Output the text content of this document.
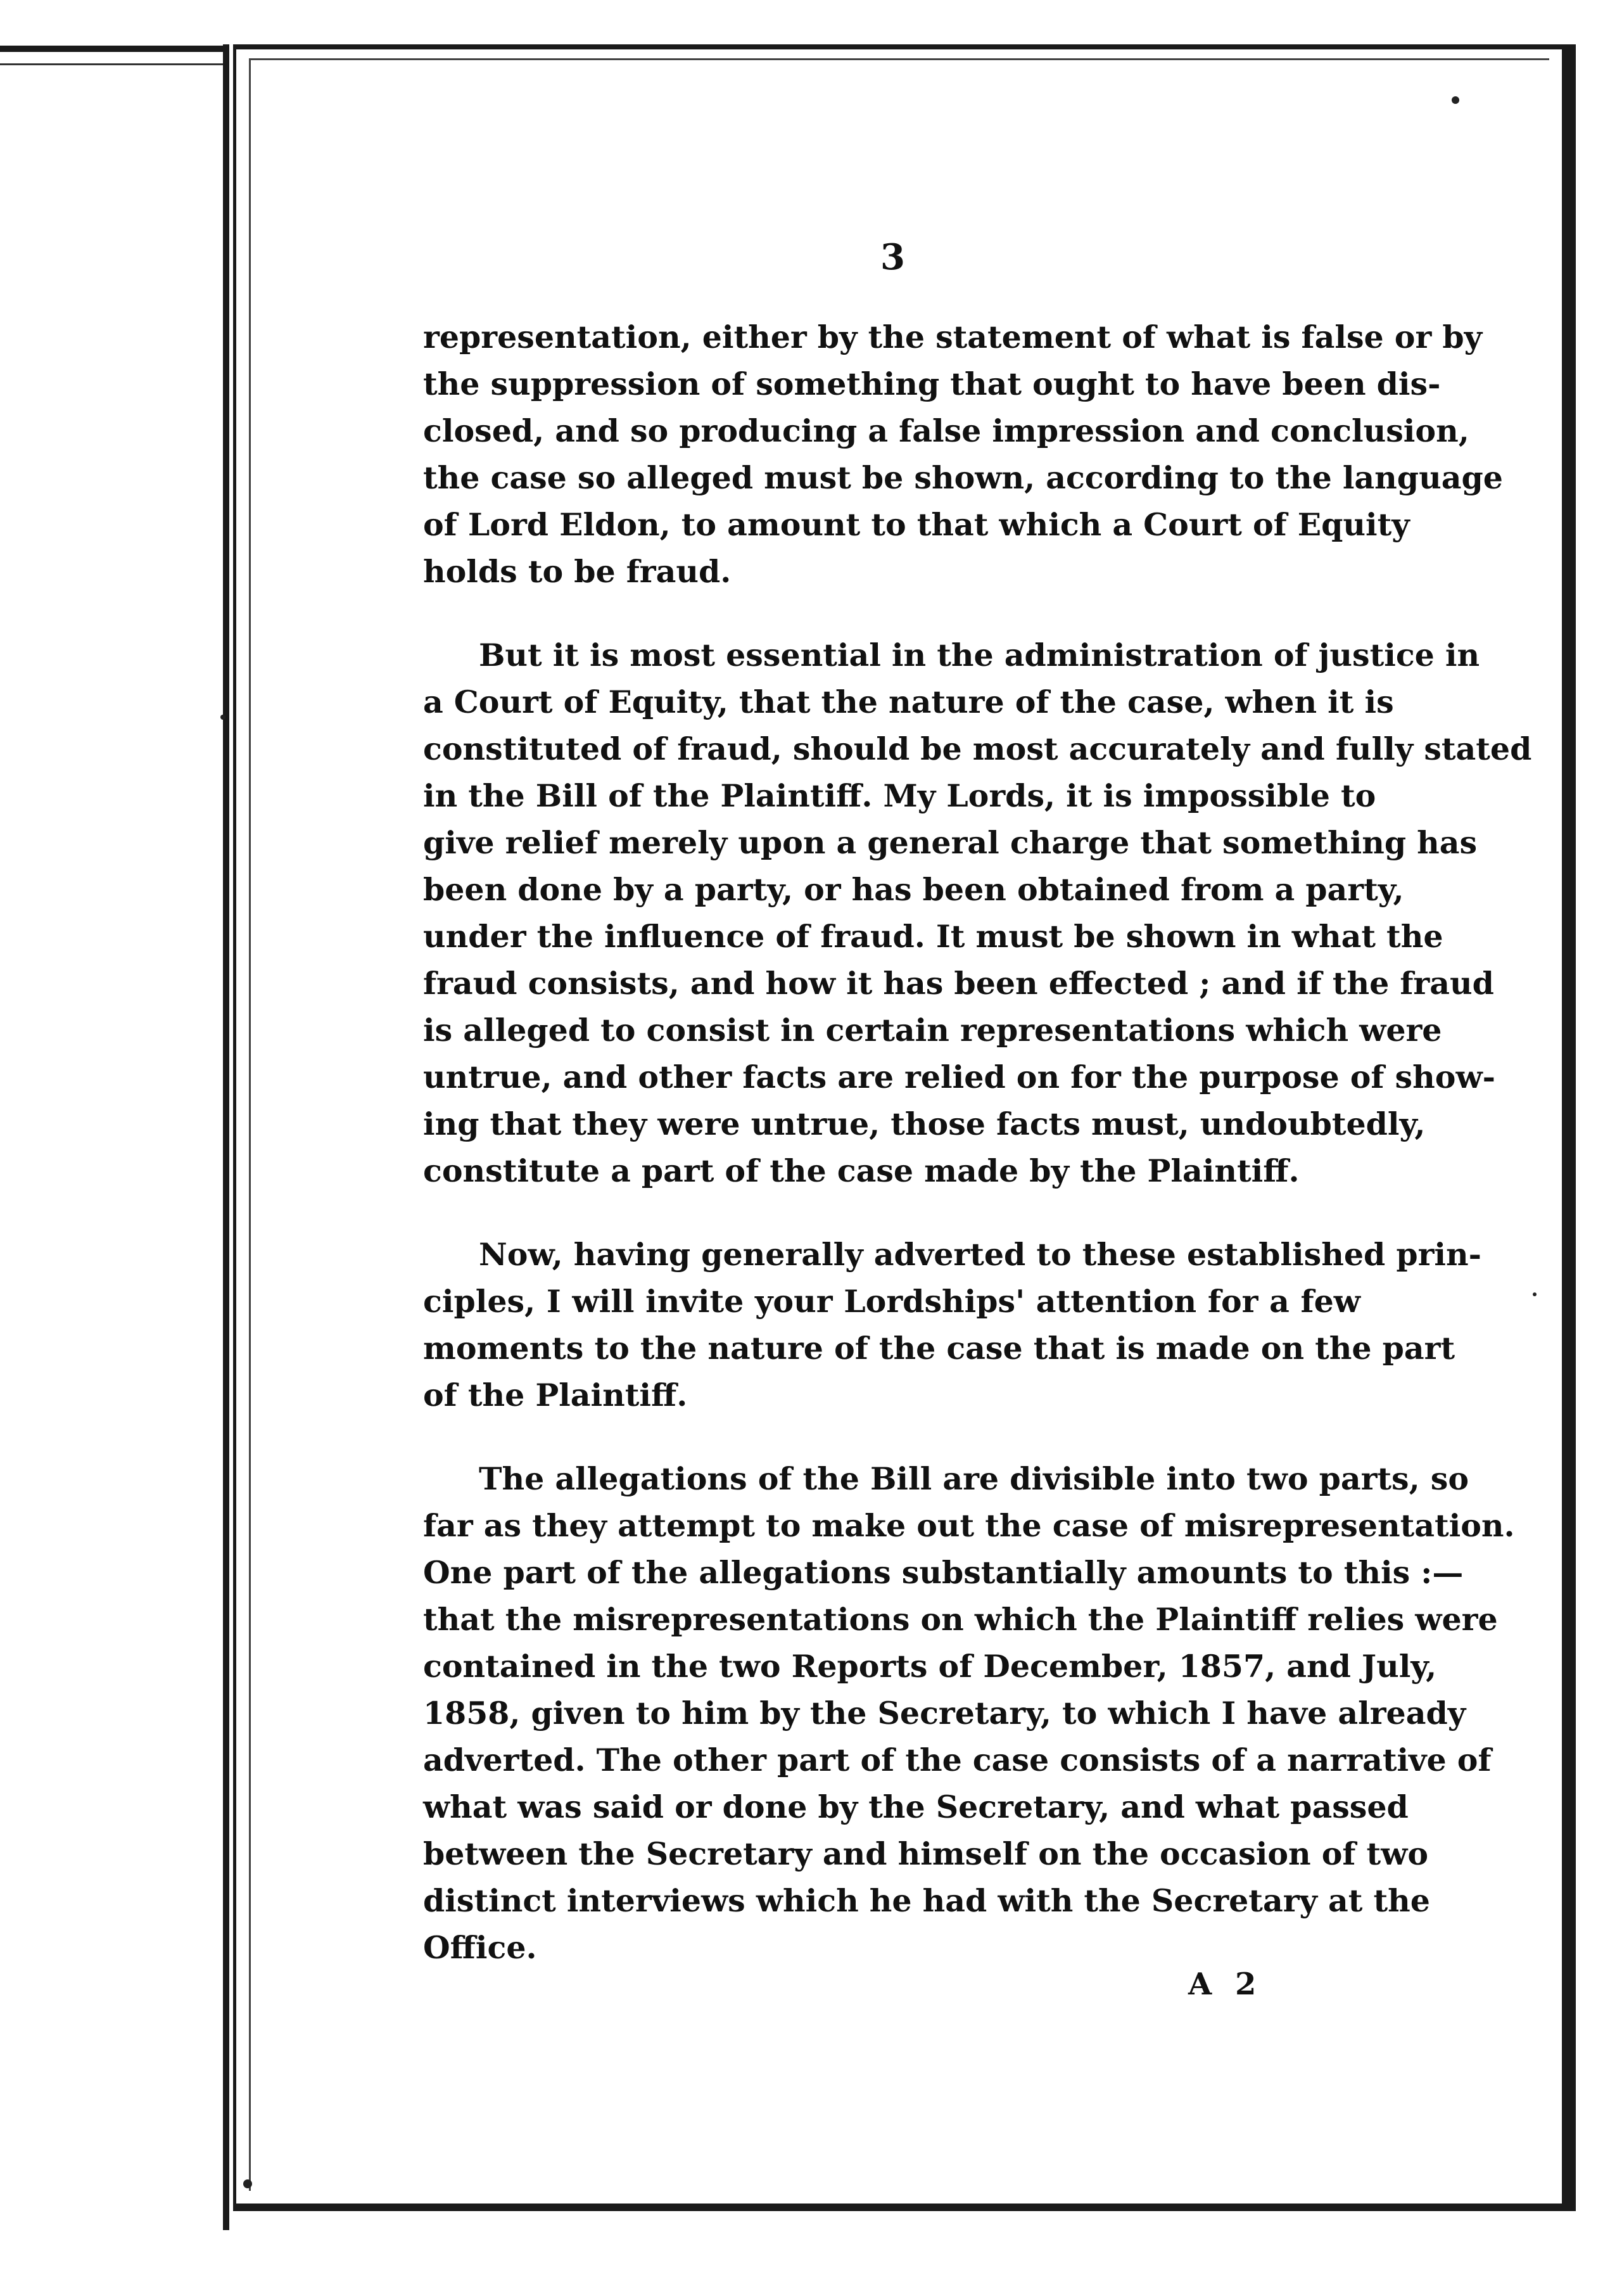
3
representation, either by the statement of what is false or by
the suppression of something that ought to have been dis-
closed, and so producing a false impression and conclusion,
the case so alleged must be shown, according to the language
of Lord Eldon, to amount to that which a Court of Equity
holds to be fraud.
But it is most essential in the administration of justice in
a Court of Equity, that the nature of the case, when it is
constituted of fraud, should be most accurately and fully stated
in the Bill of the Plaintiff. My Lords, it is impossible to
give relief merely upon a general charge that something has
been done by a party, or has been obtained from a party,
under the influence of fraud. It must be shown in what the
fraud consists, and how it has been effected ; and if the fraud
is alleged to consist in certain representations which were
untrue, and other facts are relied on for the purpose of show-
ing that they were untrue, those facts must, undoubtedly,
constitute a part of the case made by the Plaintiff.
Now, having generally adverted to these established prin-
ciples, I will invite your Lordships' attention for a few
moments to the nature of the case that is made on the part
of the Plaintiff.
The allegations of the Bill are divisible into two parts, so
far as they attempt to make out the case of misrepresentation.
One part of the allegations substantially amounts to this :—
that the misrepresentations on which the Plaintiff relies were
contained in the two Reports of December, 1857, and July,
1858, given to him by the Secretary, to which I have already
adverted. The other part of the case consists of a narrative of
what was said or done by the Secretary, and what passed
between the Secretary and himself on the occasion of two
distinct interviews which he had with the Secretary at the
Office.
A 2
